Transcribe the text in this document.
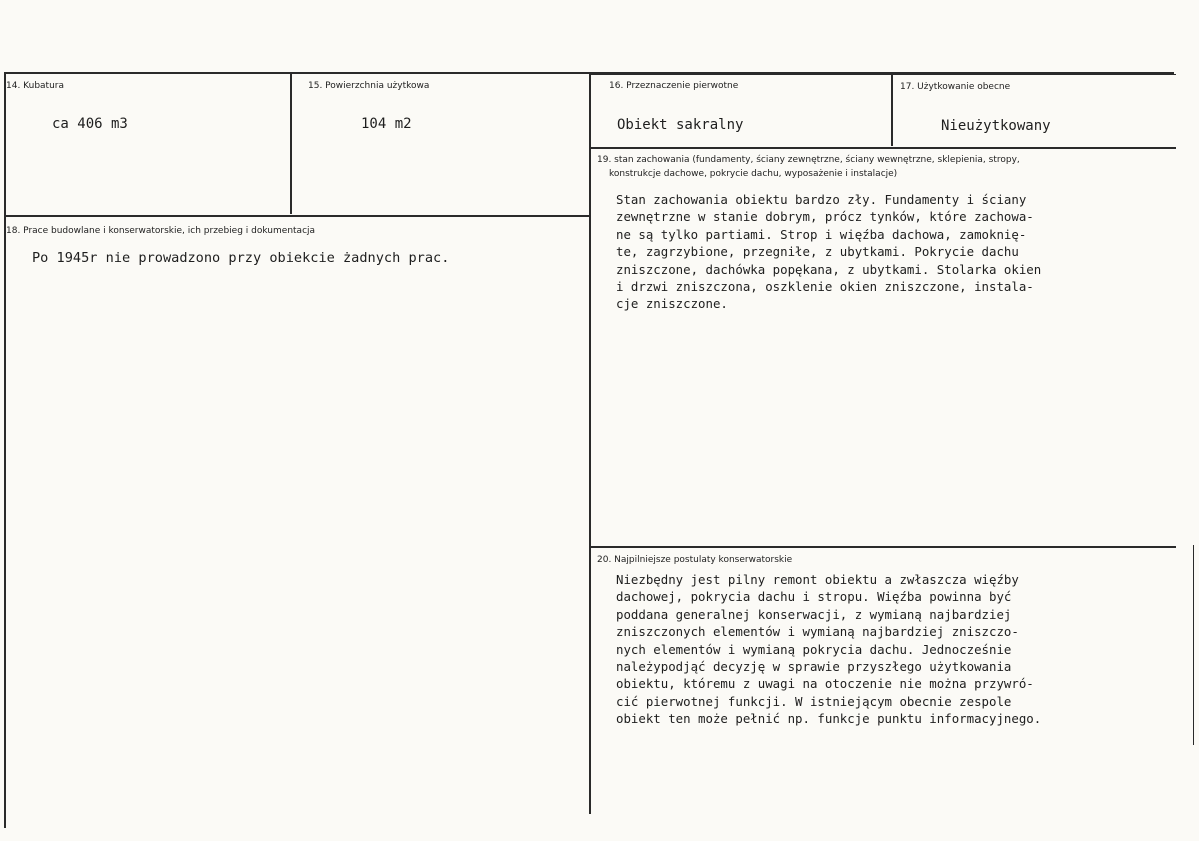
14. Kubatura
ca 406 m3
15. Powierzchnia użytkowa
104 m2
16. Przeznaczenie pierwotne
Obiekt sakralny
17. Użytkowanie obecne
Nieużytkowany
18. Prace budowlane i konserwatorskie, ich przebieg i dokumentacja
Po 1945r nie prowadzono przy obiekcie żadnych prac.
19. stan zachowania (fundamenty, ściany zewnętrzne, ściany wewnętrzne, sklepienia, stropy,
konstrukcje dachowe, pokrycie dachu, wyposażenie i instalacje)
Stan zachowania obiektu bardzo zły. Fundamenty i ściany
zewnętrzne w stanie dobrym, prócz tynków, które zachowa-
ne są tylko partiami. Strop i więźba dachowa, zamoknię-
te, zagrzybione, przegniłe, z ubytkami. Pokrycie dachu
zniszczone, dachówka popękana, z ubytkami. Stolarka okien
i drzwi zniszczona, oszklenie okien zniszczone, instala-
cje zniszczone.
20. Najpilniejsze postulaty konserwatorskie
Niezbędny jest pilny remont obiektu a zwłaszcza więźby
dachowej, pokrycia dachu i stropu. Więźba powinna być
poddana generalnej konserwacji, z wymianą najbardziej
zniszczonych elementów i wymianą najbardziej zniszczo-
nych elementów i wymianą pokrycia dachu. Jednocześnie
należypodjąć decyzję w sprawie przyszłego użytkowania
obiektu, któremu z uwagi na otoczenie nie można przywró-
cić pierwotnej funkcji. W istniejącym obecnie zespole
obiekt ten może pełnić np. funkcje punktu informacyjnego.
